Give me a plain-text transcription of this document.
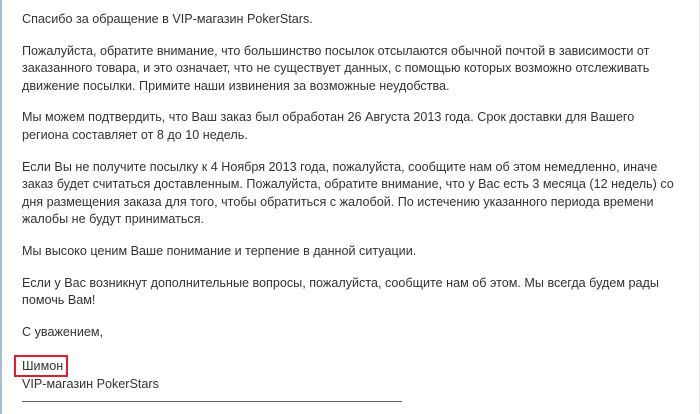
Спасибо за обращение в VIP-магазин PokerStars.

Пожалуйста, обратите внимание, что большинство посылок отсылаются обычной почтой в зависимости от
заказанного товара, и это означает, что не существует данных, с помощью которых возможно отслеживать
движение посылки. Примите наши извинения за возможные неудобства.

Мы можем подтвердить, что Ваш заказ был обработан 26 Августа 2013 года. Срок доставки для Вашего
региона составляет от 8 до 10 недель.

Если Вы не получите посылку к 4 Ноября 2013 года, пожалуйста, сообщите нам об этом немедленно, иначе
заказ будет считаться доставленным. Пожалуйста, обратите внимание, что у Вас есть 3 месяца (12 недель) со
дня размещения заказа для того, чтобы обратиться с жалобой. По истечению указанного периода времени
жалобы не будут приниматься.

Мы высоко ценим Ваше понимание и терпение в данной ситуации.

Если у Вас возникнут дополнительные вопросы, пожалуйста, сообщите нам об этом. Мы всегда будем рады
помочь Вам!

С уважением,

Шимон
VIP-магазин PokerStars
